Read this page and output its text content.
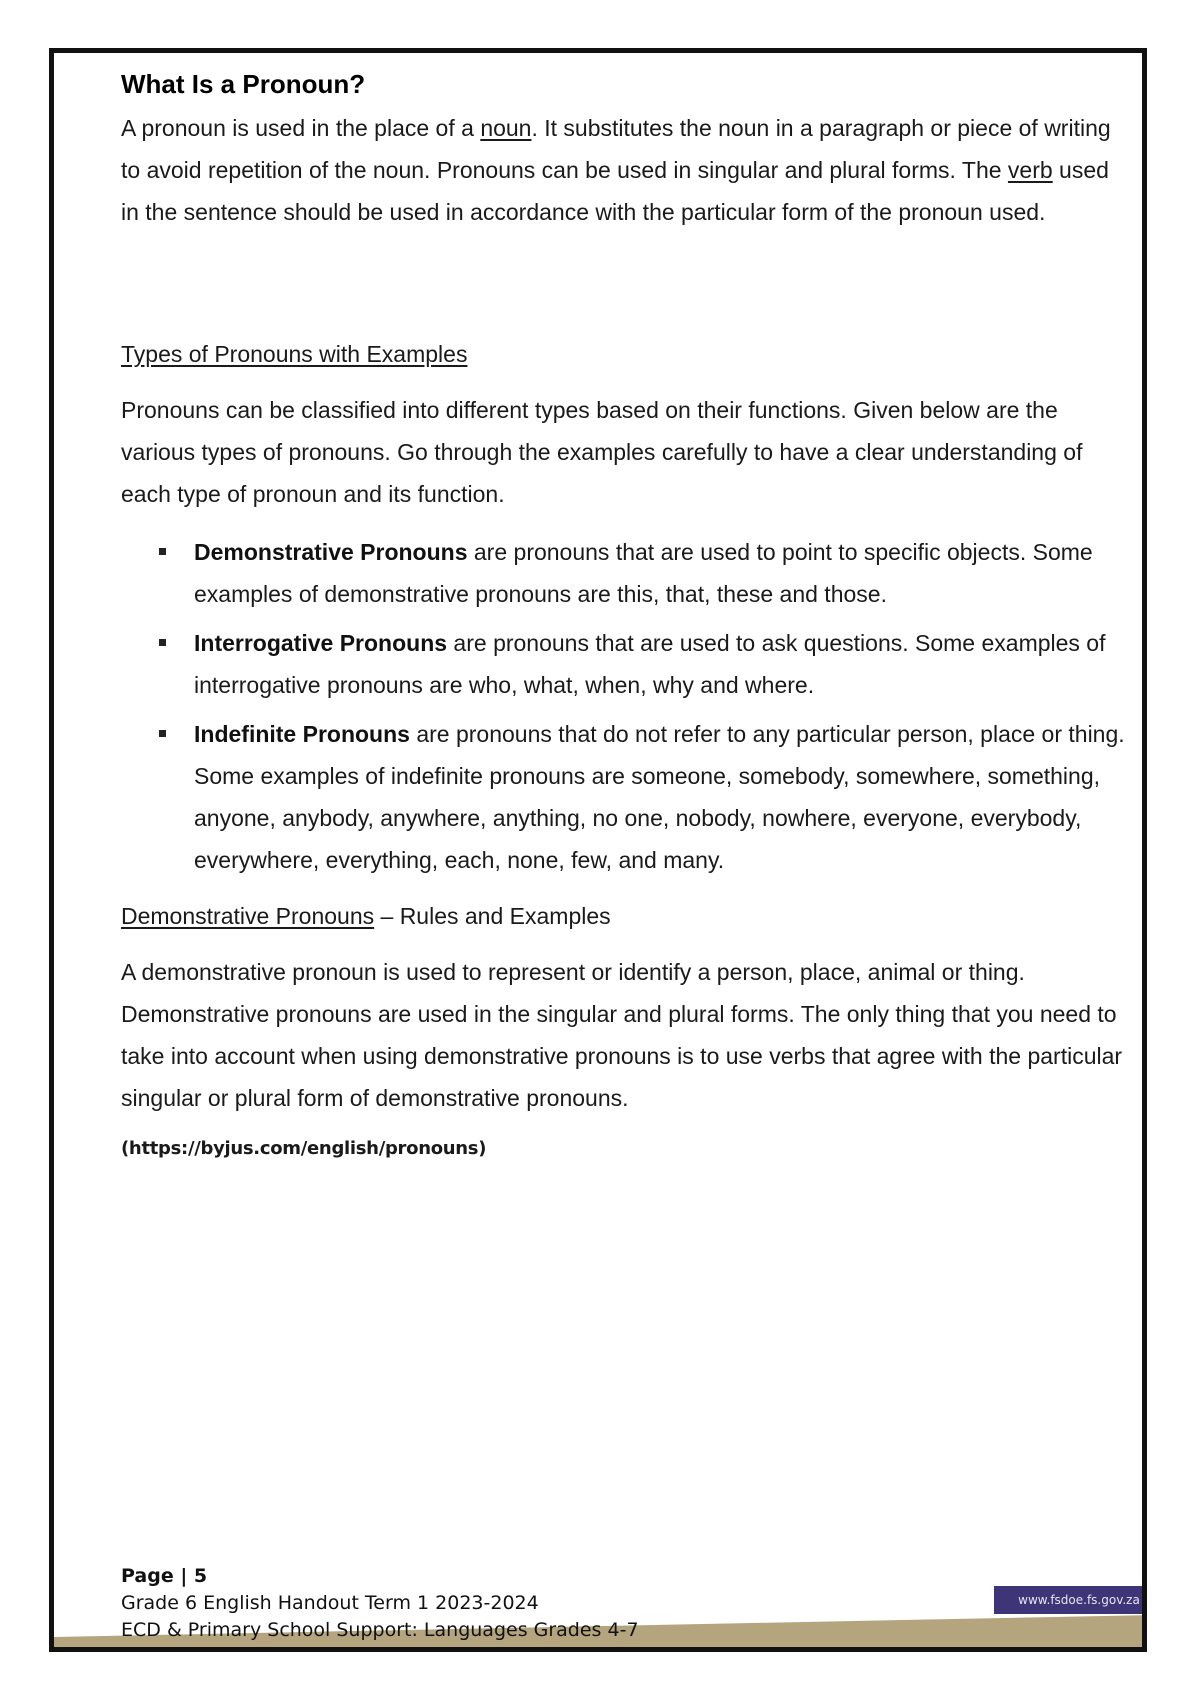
What Is a Pronoun?

A pronoun is used in the place of a noun. It substitutes the noun in a paragraph or piece of writing to avoid repetition of the noun. Pronouns can be used in singular and plural forms. The verb used in the sentence should be used in accordance with the particular form of the pronoun used.

Types of Pronouns with Examples

Pronouns can be classified into different types based on their functions. Given below are the various types of pronouns. Go through the examples carefully to have a clear understanding of each type of pronoun and its function.

Demonstrative Pronouns are pronouns that are used to point to specific objects. Some examples of demonstrative pronouns are this, that, these and those.
Interrogative Pronouns are pronouns that are used to ask questions. Some examples of interrogative pronouns are who, what, when, why and where.
Indefinite Pronouns are pronouns that do not refer to any particular person, place or thing. Some examples of indefinite pronouns are someone, somebody, somewhere, something, anyone, anybody, anywhere, anything, no one, nobody, nowhere, everyone, everybody, everywhere, everything, each, none, few, and many.

Demonstrative Pronouns – Rules and Examples

A demonstrative pronoun is used to represent or identify a person, place, animal or thing. Demonstrative pronouns are used in the singular and plural forms. The only thing that you need to take into account when using demonstrative pronouns is to use verbs that agree with the particular singular or plural form of demonstrative pronouns.

(https://byjus.com/english/pronouns)

www.fsdoe.fs.gov.za
Page | 5
Grade 6 English Handout Term 1 2023-2024
ECD & Primary School Support: Languages Grades 4-7
